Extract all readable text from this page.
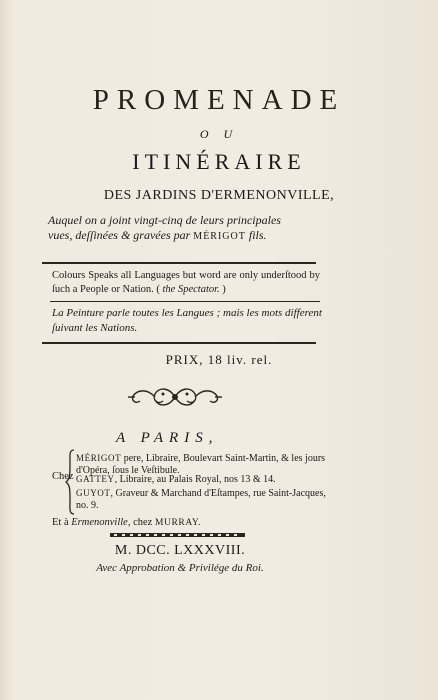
PROMENADE
O U
ITINÉRAIRE
DES JARDINS D'ERMENONVILLE,
Auquel on a joint vingt-cinq de leurs principales
vues, deſſinées & gravées par MÉRIGOT fils.
Colours Speaks all Languages but word are only underſtood by ſuch a People or Nation. ( the Spectator. )
La Peinture parle toutes les Langues ; mais les mots different ſuivant les Nations.
PRIX, 18 liv. rel.
A PARIS,
Chez
MÉRIGOT pere, Libraire, Boulevart Saint-Martin, & les jours d'Opéra, ſous le Veſtibule.
GATTEY, Libraire, au Palais Royal, nos 13 & 14.
GUYOT, Graveur & Marchand d'Eſtampes, rue Saint-Jacques, no. 9.
Et à Ermenonville, chez MURRAY.
M. DCC. LXXXVIII.
Avec Approbation & Privilége du Roi.
